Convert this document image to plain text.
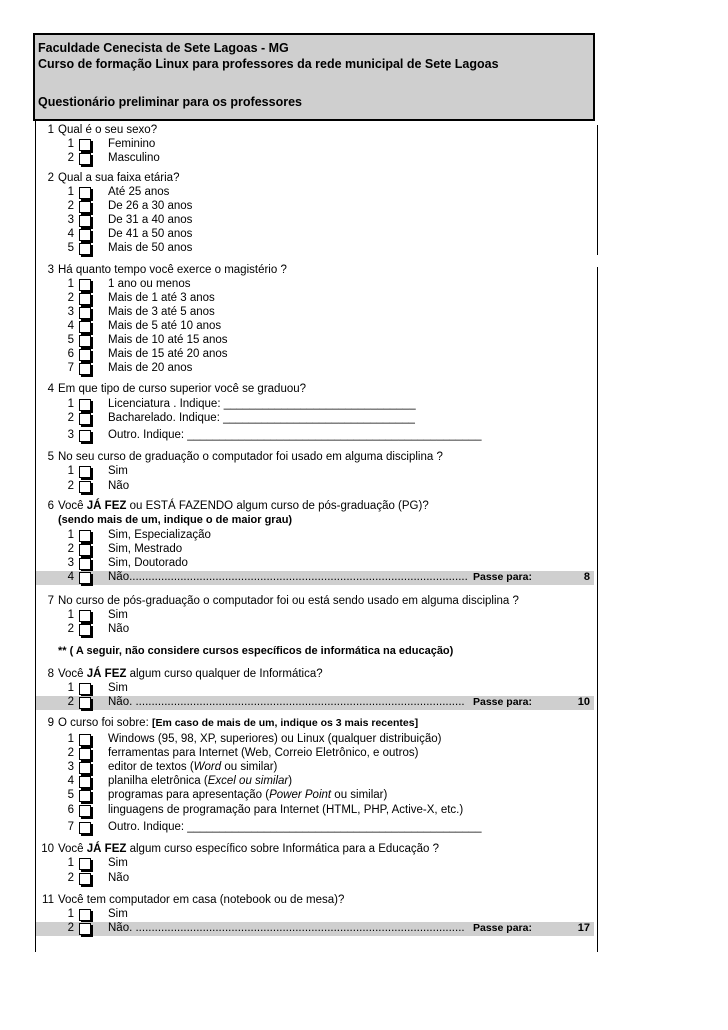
Faculdade Cenecista de Sete Lagoas - MG
Curso de formação Linux para professores da rede municipal de Sete Lagoas
Questionário preliminar para os professores
1 Qual é o seu sexo?
1	Feminino
2	Masculino
2 Qual a sua faixa etária?
1	Até 25 anos
2	De 26 a 30 anos
3	De 31 a 40 anos
4	De 41 a 50 anos
5	Mais de 50 anos
3 Há quanto tempo você exerce o magistério ?
1	1 ano ou menos
2	Mais de 1 até 3 anos
3	Mais de 3 até 5 anos
4	Mais de 5 até 10 anos
5	Mais de 10 até 15 anos
6	Mais de 15 até 20 anos
7	Mais de 20 anos
4 Em que tipo de curso superior você se graduou?
1	Licenciatura . Indique: ______________________________
2	Bacharelado. Indique: ______________________________
3	Outro. Indique: ______________________________________________
5 No seu curso de graduação o computador foi usado em alguma disciplina ?
1	Sim
2	Não
6 Você JÁ FEZ ou ESTÁ FAZENDO algum curso de pós-graduação (PG)?
(sendo mais de um, indique o de maior grau)
1	Sim, Especialização
2	Sim, Mestrado
3	Sim, Doutorado
4	Não.......................................................................................................... Passe para:	8
7 No curso de pós-graduação o computador foi ou está sendo usado em alguma disciplina ?
1	Sim
2	Não
** ( A seguir, não considere cursos específicos de informática na educação)
8 Você JÁ FEZ algum curso qualquer de Informática?
1	Sim
2	Não. ....................................................................................................... Passe para:	10
9 O curso foi sobre: [Em caso de mais de um, indique os 3 mais recentes]
1	Windows (95, 98, XP, superiores) ou Linux (qualquer distribuição)
2	ferramentas para Internet (Web, Correio Eletrônico, e outros)
3	editor de textos (Word ou similar)
4	planilha eletrônica (Excel ou similar)
5	programas para apresentação (Power Point ou similar)
6	linguagens de programação para Internet (HTML, PHP, Active-X, etc.)
7	Outro. Indique: ______________________________________________
10 Você JÁ FEZ algum curso específico sobre Informática para a Educação ?
1	Sim
2	Não
11 Você tem computador em casa (notebook ou de mesa)?
1	Sim
2	Não. ....................................................................................................... Passe para:	17
